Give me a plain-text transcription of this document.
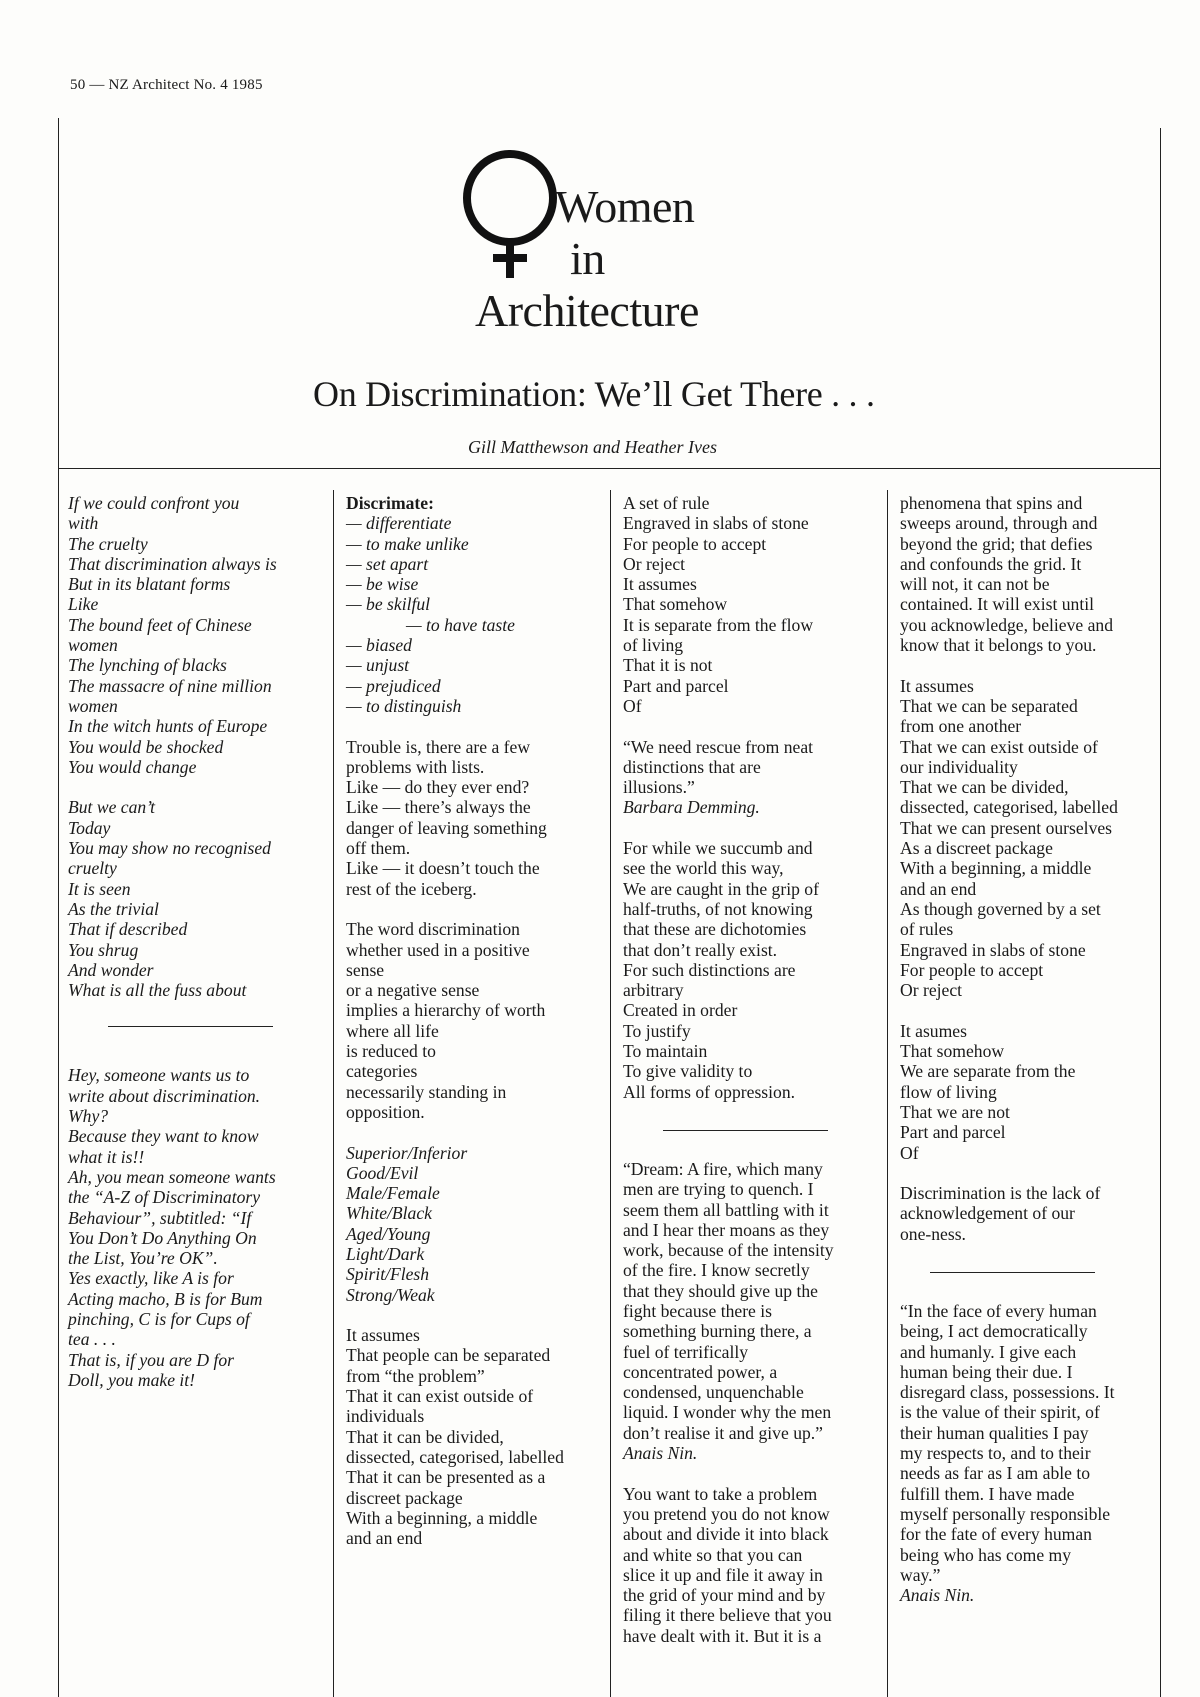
50 — NZ Architect No. 4 1985
Women
in
Architecture
On Discrimination: We’ll Get There . . .
Gill Matthewson and Heather Ives

If we could confront you
with
The cruelty
That discrimination always is
But in its blatant forms
Like
The bound feet of Chinese
women
The lynching of blacks
The massacre of nine million
women
In the witch hunts of Europe
You would be shocked
You would change

But we can’t
Today
You may show no recognised
cruelty
It is seen
As the trivial
That if described
You shrug
And wonder
What is all the fuss about

Hey, someone wants us to
write about discrimination.
Why?
Because they want to know
what it is!!
Ah, you mean someone wants
the “A-Z of Discriminatory
Behaviour”, subtitled: “If
You Don’t Do Anything On
the List, You’re OK”.
Yes exactly, like A is for
Acting macho, B is for Bum
pinching, C is for Cups of
tea . . .
That is, if you are D for
Doll, you make it!

Discrimate:
— differentiate
— to make unlike
— set apart
— be wise
— be skilful
— to have taste
— biased
— unjust
— prejudiced
— to distinguish

Trouble is, there are a few
problems with lists.
Like — do they ever end?
Like — there’s always the
danger of leaving something
off them.
Like — it doesn’t touch the
rest of the iceberg.

The word discrimination
whether used in a positive
sense
or a negative sense
implies a hierarchy of worth
where all life
is reduced to
categories
necessarily standing in
opposition.

Superior/Inferior
Good/Evil
Male/Female
White/Black
Aged/Young
Light/Dark
Spirit/Flesh
Strong/Weak

It assumes
That people can be separated
from “the problem”
That it can exist outside of
individuals
That it can be divided,
dissected, categorised, labelled
That it can be presented as a
discreet package
With a beginning, a middle
and an end

A set of rule
Engraved in slabs of stone
For people to accept
Or reject
It assumes
That somehow
It is separate from the flow
of living
That it is not
Part and parcel
Of

“We need rescue from neat
distinctions that are
illusions.”
Barbara Demming.

For while we succumb and
see the world this way,
We are caught in the grip of
half-truths, of not knowing
that these are dichotomies
that don’t really exist.
For such distinctions are
arbitrary
Created in order
To justify
To maintain
To give validity to
All forms of oppression.

“Dream: A fire, which many
men are trying to quench. I
seem them all battling with it
and I hear ther moans as they
work, because of the intensity
of the fire. I know secretly
that they should give up the
fight because there is
something burning there, a
fuel of terrifically
concentrated power, a
condensed, unquenchable
liquid. I wonder why the men
don’t realise it and give up.”
Anais Nin.

You want to take a problem
you pretend you do not know
about and divide it into black
and white so that you can
slice it up and file it away in
the grid of your mind and by
filing it there believe that you
have dealt with it. But it is a

phenomena that spins and
sweeps around, through and
beyond the grid; that defies
and confounds the grid. It
will not, it can not be
contained. It will exist until
you acknowledge, believe and
know that it belongs to you.

It assumes
That we can be separated
from one another
That we can exist outside of
our individuality
That we can be divided,
dissected, categorised, labelled
That we can present ourselves
As a discreet package
With a beginning, a middle
and an end
As though governed by a set
of rules
Engraved in slabs of stone
For people to accept
Or reject

It asumes
That somehow
We are separate from the
flow of living
That we are not
Part and parcel
Of

Discrimination is the lack of
acknowledgement of our
one-ness.

“In the face of every human
being, I act democratically
and humanly. I give each
human being their due. I
disregard class, possessions. It
is the value of their spirit, of
their human qualities I pay
my respects to, and to their
needs as far as I am able to
fulfill them. I have made
myself personally responsible
for the fate of every human
being who has come my
way.”
Anais Nin.
